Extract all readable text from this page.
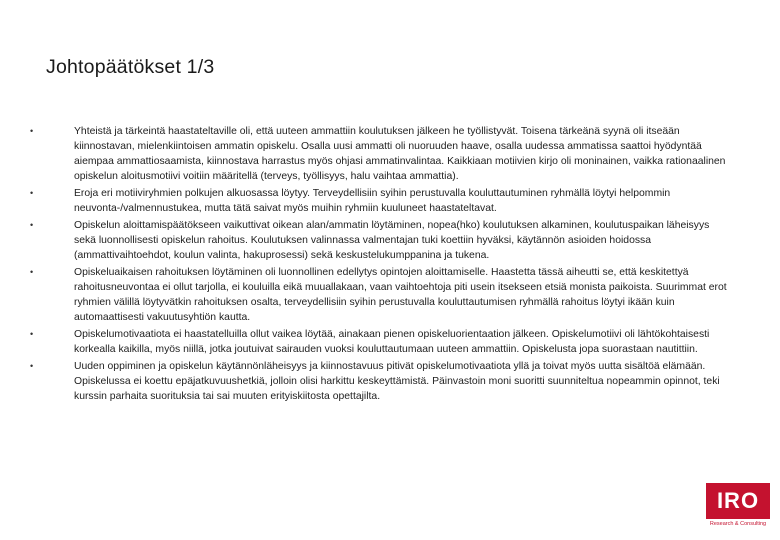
Johtopäätökset 1/3
•	Yhteistä ja tärkeintä haastateltaville oli, että uuteen ammattiin koulutuksen jälkeen he työllistyvät. Toisena tärkeänä syynä oli itseään kiinnostavan, mielenkiintoisen ammatin opiskelu. Osalla uusi ammatti oli nuoruuden haave, osalla uudessa ammatissa saattoi hyödyntää aiempaa ammattiosaamista, kiinnostava harrastus myös ohjasi ammatinvalintaa. Kaikkiaan motiivien kirjo oli moninainen, vaikka rationaalinen opiskelun aloitusmotiivi voitiin määritellä (terveys, työllisyys, halu vaihtaa ammattia).
•	Eroja eri motiiviryhmien polkujen alkuosassa löytyy. Terveydellisiin syihin perustuvalla kouluttautuminen ryhmällä löytyi helpommin neuvonta-/valmennustukea, mutta tätä saivat myös muihin ryhmiin kuuluneet haastateltavat.
•	Opiskelun aloittamispäätökseen vaikuttivat oikean alan/ammatin löytäminen, nopea(hko) koulutuksen alkaminen, koulutuspaikan läheisyys sekä luonnollisesti opiskelun rahoitus. Koulutuksen valinnassa valmentajan tuki koettiin hyväksi, käytännön asioiden hoidossa (ammattivaihtoehdot, koulun valinta, hakuprosessi) sekä keskustelukumppanina ja tukena.
•	Opiskeluaikaisen rahoituksen löytäminen oli luonnollinen edellytys opintojen aloittamiselle. Haastetta tässä aiheutti se, että keskitettyä rahoitusneuvontaa ei ollut tarjolla, ei kouluilla eikä muuallakaan, vaan vaihtoehtoja piti usein itsekseen etsiä monista paikoista. Suurimmat erot ryhmien välillä löytyvätkin rahoituksen osalta, terveydellisiin syihin perustuvalla kouluttautumisen ryhmällä rahoitus löytyi ikään kuin automaattisesti vakuutusyhtiön kautta.
•	Opiskelumotivaatiota ei haastatelluilla ollut vaikea löytää, ainakaan pienen opiskeluorientaation jälkeen. Opiskelumotiivi oli lähtökohtaisesti korkealla kaikilla, myös niillä, jotka joutuivat sairauden vuoksi kouluttautumaan uuteen ammattiin. Opiskelusta jopa suorastaan nautittiin.
•	Uuden oppiminen ja opiskelun käytännönläheisyys ja kiinnostavuus pitivät opiskelumotivaatiota yllä ja toivat myös uutta sisältöä elämään. Opiskelussa ei koettu epäjatkuvuushetkiä, jolloin olisi harkittu keskeyttämistä. Päinvastoin moni suoritti suunniteltua nopeammin opinnot, teki kurssin parhaita suorituksia tai sai muuten erityiskiitosta opettajilta.
IRO
Research & Consulting
